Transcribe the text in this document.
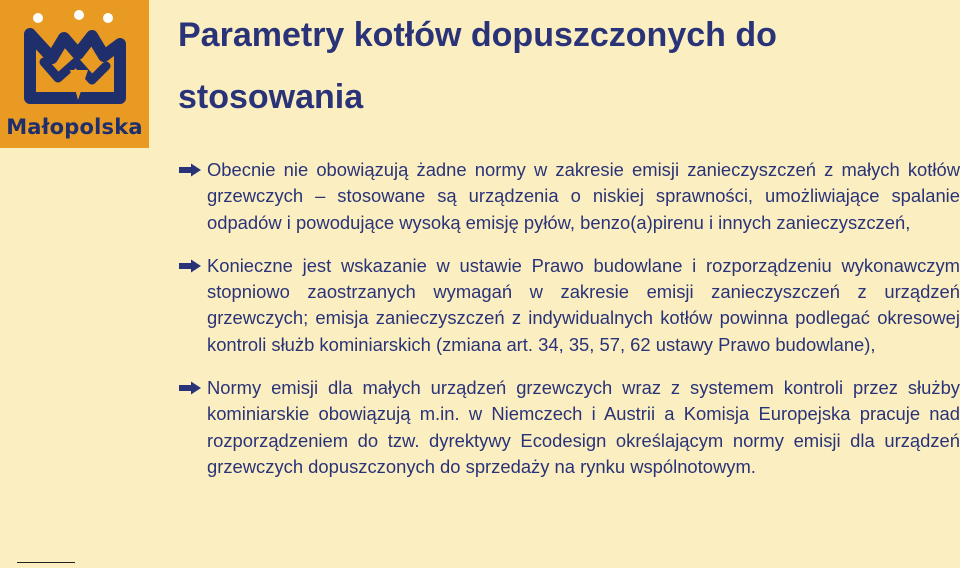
Małopolska
Parametry kotłów dopuszczonych do stosowania
Obecnie nie obowiązują żadne normy w zakresie emisji zanieczyszczeń z małych kotłów grzewczych – stosowane są urządzenia o niskiej sprawności, umożliwiające spalanie odpadów i powodujące wysoką emisję pyłów, benzo(a)pirenu i innych zanieczyszczeń,
Konieczne jest wskazanie w ustawie Prawo budowlane i rozporządzeniu wykonawczym stopniowo zaostrzanych wymagań w zakresie emisji zanieczyszczeń z urządzeń grzewczych; emisja zanieczyszczeń z indywidualnych kotłów powinna podlegać okresowej kontroli służb kominiarskich (zmiana art. 34, 35, 57, 62 ustawy Prawo budowlane),
Normy emisji dla małych urządzeń grzewczych wraz z systemem kontroli przez służby kominiarskie obowiązują m.in. w Niemczech i Austrii a Komisja Europejska pracuje nad rozporządzeniem do tzw. dyrektywy Ecodesign określającym normy emisji dla urządzeń grzewczych dopuszczonych do sprzedaży na rynku wspólnotowym.
